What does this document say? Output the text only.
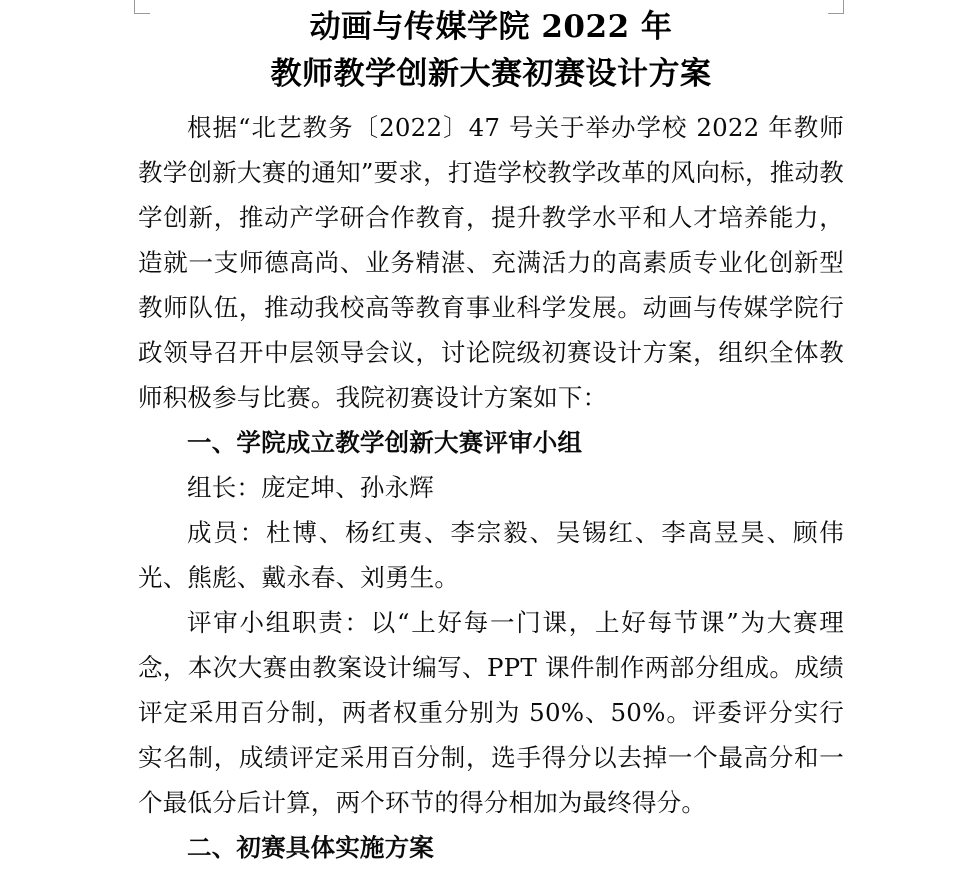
动画与传媒学院 2022 年
教师教学创新大赛初赛设计方案

根据“北艺教务〔2022〕47 号关于举办学校 2022 年教师教学创新大赛的通知”要求，打造学校教学改革的风向标，推动教学创新，推动产学研合作教育，提升教学水平和人才培养能力，造就一支师德高尚、业务精湛、充满活力的高素质专业化创新型教师队伍，推动我校高等教育事业科学发展。动画与传媒学院行政领导召开中层领导会议，讨论院级初赛设计方案，组织全体教师积极参与比赛。我院初赛设计方案如下：

一、学院成立教学创新大赛评审小组

组长：庞定坤、孙永辉

成员：杜博、杨红夷、李宗毅、吴锡红、李高昱昊、顾伟光、熊彪、戴永春、刘勇生。

评审小组职责：以“上好每一门课，上好每节课”为大赛理念，本次大赛由教案设计编写、PPT 课件制作两部分组成。成绩评定采用百分制，两者权重分别为 50%、50%。评委评分实行实名制，成绩评定采用百分制，选手得分以去掉一个最高分和一个最低分后计算，两个环节的得分相加为最终得分。

二、初赛具体实施方案
